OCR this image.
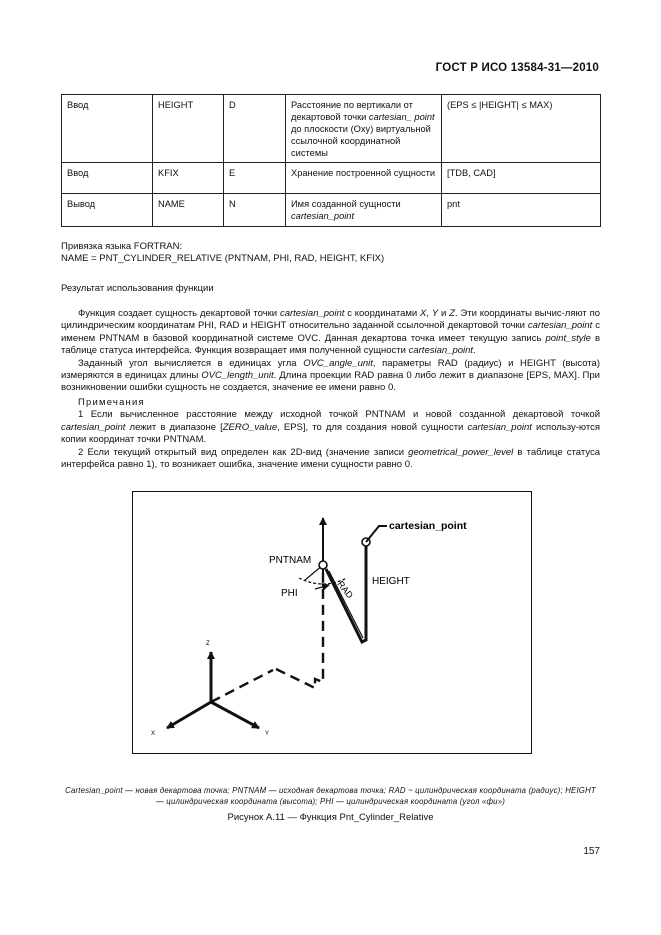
ГОСТ Р ИСО 13584-31—2010
Ввод	HEIGHT	D	Расстояние по вертикали от декартовой точки cartesian_ point до плоскости (Oxy) виртуальной ссылочной координатной системы	(EPS ≤ |HEIGHT| ≤ MAX)
Ввод	KFIX	E	Хранение построенной сущности	[TDB, CAD]
Вывод	NAME	N	Имя созданной сущности cartesian_point	pnt

Привязка языка FORTRAN:

NAME = PNT_CYLINDER_RELATIVE (PNTNAM, PHI, RAD, HEIGHT, KFIX)

Результат использования функции

Функция создает сущность декартовой точки cartesian_point с координатами X, Y и Z. Эти координаты вычис-ляют по цилиндрическим координатам PHI, RAD и HEIGHT относительно заданной ссылочной декартовой точки cartesian_point с именем PNTNAM в базовой координатной системе OVC. Данная декартова точка имеет текущую запись point_style в таблице статуса интерфейса. Функция возвращает имя полученной сущности cartesian_point.

Заданный угол вычисляется в единицах угла OVC_angle_unit, параметры RAD (радиус) и HEIGHT (высота) измеряются в единицах длины OVC_length_unit. Длина проекции RAD равна 0 либо лежит в диапазоне [EPS, MAX]. При возникновении ошибки сущность не создается, значение ее имени равно 0.

Примечания

1 Если вычисленное расстояние между исходной точкой PNTNAM и новой созданной декартовой точкой cartesian_point лежит в диапазоне [ZERO_value, EPS], то для создания новой сущности cartesian_point использу-ются копии координат точки PNTNAM.

2 Если текущий открытый вид определен как 2D-вид (значение записи geometrical_power_level в таблице статуса интерфейса равно 1), то возникает ошибка, значение имени сущности равно 0.

Z
X	Y
cartesian_point
PNTNAM
HEIGHT
PHI	RAD
Cartesian_point — новая декартова точка; PNTNAM — исходная декартова точка; RAD ~ цилиндрическая координата (радиус); HEIGHT — цилиндрическая координата (высота); PHI — цилиндрическая координата (угол «фи»)
Рисунок А.11 — Функция Pnt_Cylinder_Relative
157
